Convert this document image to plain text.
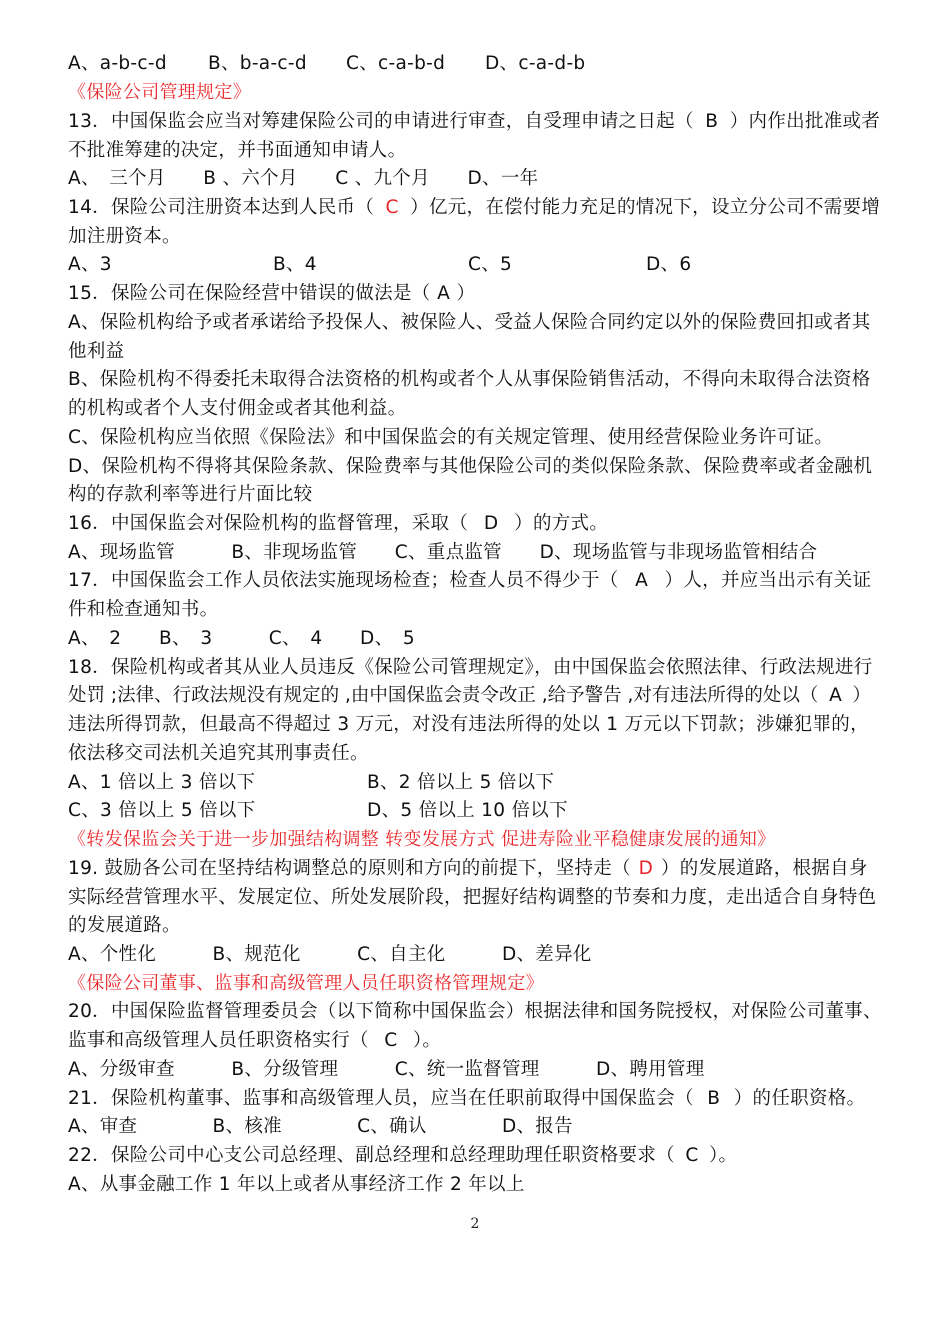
A、a-b-c-d B、b-a-c-d C、c-a-b-d D、c-a-d-b
《保险公司管理规定》
13．中国保监会应当对筹建保险公司的申请进行审查，自受理申请之日起（ B ）内作出批准或者
不批准筹建的决定，并书面通知申请人。
A、　三个月　　B 、六个月　　C 、九个月　　D、一年
14．保险公司注册资本达到人民币（ C ）亿元，在偿付能力充足的情况下，设立分公司不需要增
加注册资本。
A、3	B、4	C、5	D、6
15．保险公司在保险经营中错误的做法是（ A ）
A、保险机构给予或者承诺给予投保人、被保险人、受益人保险合同约定以外的保险费回扣或者其
他利益
B、保险机构不得委托未取得合法资格的机构或者个人从事保险销售活动，不得向未取得合法资格
的机构或者个人支付佣金或者其他利益。
C、保险机构应当依照《保险法》和中国保监会的有关规定管理、使用经营保险业务许可证。
D、保险机构不得将其保险条款、保险费率与其他保险公司的类似保险条款、保险费率或者金融机
构的存款利率等进行片面比较
16．中国保监会对保险机构的监督管理，采取（ D ）的方式。
A、现场监管　　　B、非现场监管　　C、重点监管　　D、现场监管与非现场监管相结合
17．中国保监会工作人员依法实施现场检查；检查人员不得少于（ A ）人，并应当出示有关证
件和检查通知书。
A、　2　　B、　3　　　C、　4　　D、　5
18．保险机构或者其从业人员违反《保险公司管理规定》，由中国保监会依照法律、行政法规进行
处罚 ;法律、行政法规没有规定的 ,由中国保监会责令改正 ,给予警告 ,对有违法所得的处以（ A ）
违法所得罚款，但最高不得超过 3 万元，对没有违法所得的处以 1 万元以下罚款；涉嫌犯罪的，
依法移交司法机关追究其刑事责任。
A、1 倍以上 3 倍以下	B、2 倍以上 5 倍以下
C、3 倍以上 5 倍以下	D、5 倍以上 10 倍以下
《转发保监会关于进一步加强结构调整 转变发展方式 促进寿险业平稳健康发展的通知》
19. 鼓励各公司在坚持结构调整总的原则和方向的前提下，坚持走（ D ）的发展道路，根据自身
实际经营管理水平、发展定位、所处发展阶段，把握好结构调整的节奏和力度，走出适合自身特色
的发展道路。
A、个性化　　　B、规范化　　　C、自主化　　　D、差异化
《保险公司董事、监事和高级管理人员任职资格管理规定》
20．中国保险监督管理委员会（以下简称中国保监会）根据法律和国务院授权，对保险公司董事、
监事和高级管理人员任职资格实行（ C ）。
A、分级审查　　　B、分级管理　　　C、统一监督管理　　　D、聘用管理
21．保险机构董事、监事和高级管理人员，应当在任职前取得中国保监会（ B ）的任职资格。
A、审查　　　　B、核准　　　　C、确认　　　　D、报告
22．保险公司中心支公司总经理、副总经理和总经理助理任职资格要求（ C ）。
A、从事金融工作 1 年以上或者从事经济工作 2 年以上
2
